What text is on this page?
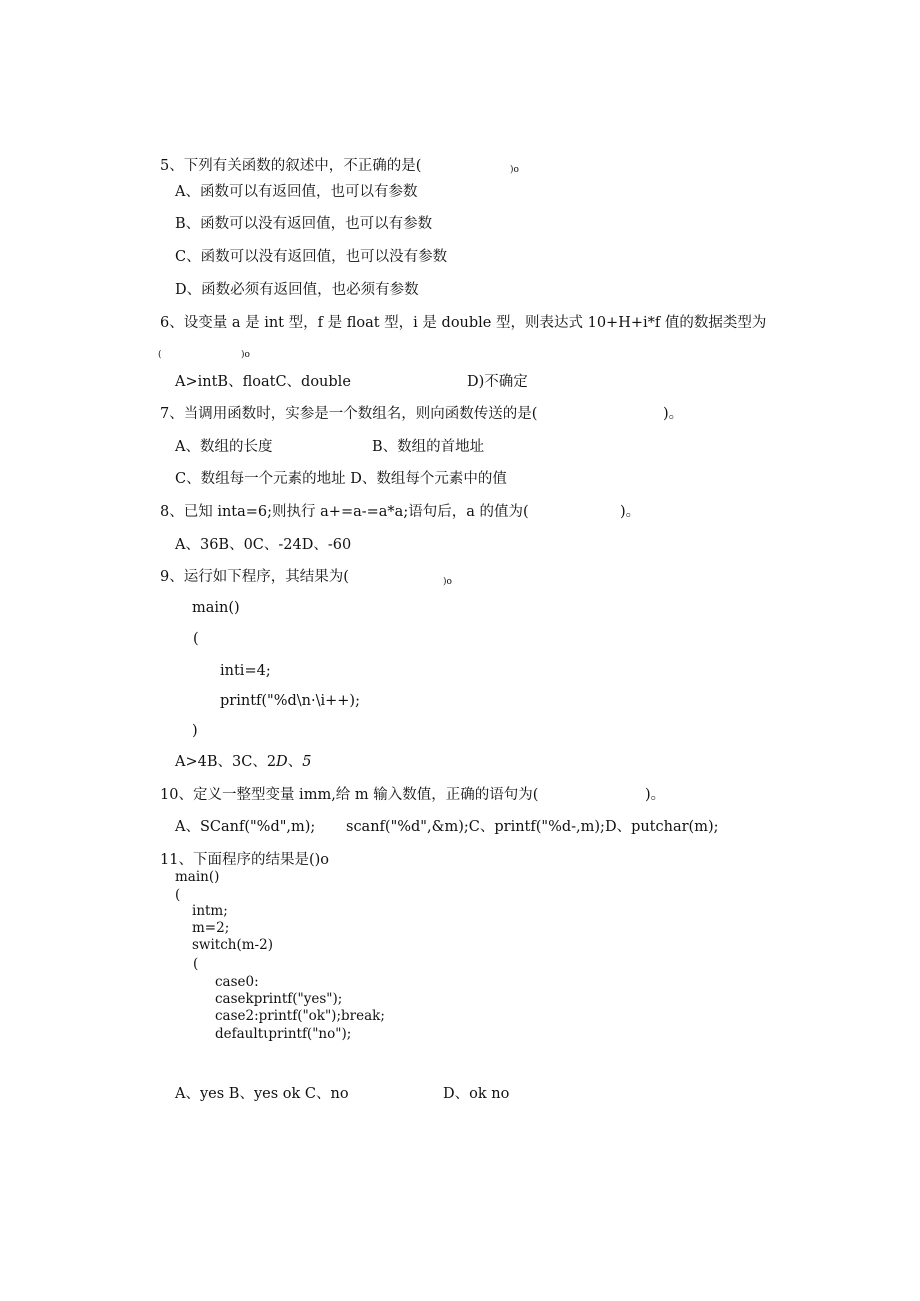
5、下列有关函数的叙述中，不正确的是(	)o
A、函数可以有返回值，也可以有参数
B、函数可以没有返回值，也可以有参数
C、函数可以没有返回值，也可以没有参数
D、函数必须有返回值，也必须有参数
6、设变量 a 是 int 型，f 是 float 型，i 是 double 型，则表达式 10+H+i*f 值的数据类型为
(	)o
A>intB、floatC、double	D)不确定
7、当调用函数时，实参是一个数组名，则向函数传送的是(	)。
A、数组的长度	B、数组的首地址
C、数组每一个元素的地址 D、数组每个元素中的值
8、已知 inta=6;则执行 a+=a-=a*a;语句后，a 的值为(	)。
A、36B、0C、-24D、-60
9、运行如下程序，其结果为(	)o
main()
(
inti=4;
printf("%d\n·\i++);
)
A>4B、3C、2D、5
10、定义一整型变量 imm,给 m 输入数值，正确的语句为(	)。
A、SCanf("%d",m); scanf("%d",&m);C、printf("%d-,m);D、putchar(m);
11、下面程序的结果是()o
main()
(
intm;
m=2;
switch(m-2)
(
case0:
casekprintf("yes");
case2:printf("ok");break;
defaultιprintf("no");
A、yes B、yes ok C、no	D、ok no
